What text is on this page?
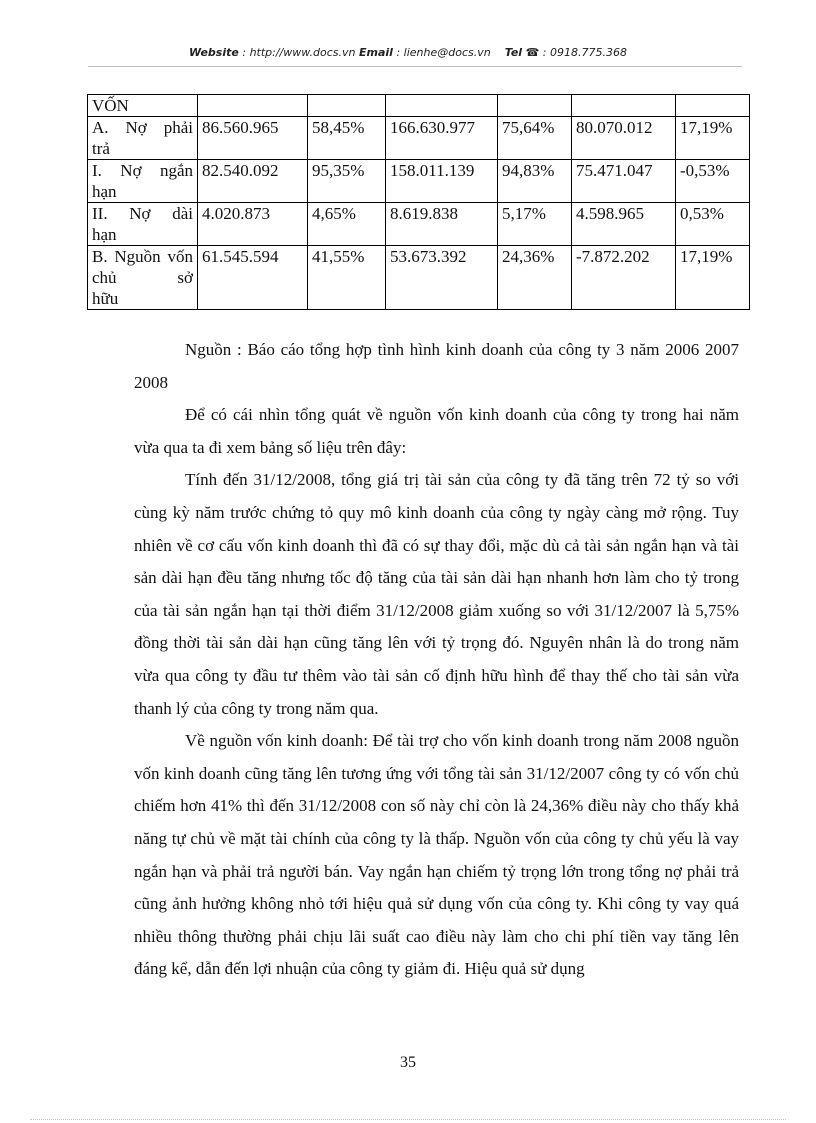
Website : http://www.docs.vn Email : lienhe@docs.vn Tel ☎ : 0918.775.368
VỐN						
A. Nợ phải
trả	86.560.965	58,45%	166.630.977	75,64%	80.070.012	17,19%
I. Nợ ngắn
hạn	82.540.092	95,35%	158.011.139	94,83%	75.471.047	-0,53%
II. Nợ dài
hạn	4.020.873	4,65%	8.619.838	5,17%	4.598.965	0,53%
B. Nguồn vốn chủ sở
hữu	61.545.594	41,55%	53.673.392	24,36%	-7.872.202	17,19%

Nguồn : Báo cáo tổng hợp tình hình kinh doanh của công ty 3 năm 2006 2007 2008

Để có cái nhìn tổng quát về nguồn vốn kinh doanh của công ty trong hai năm vừa qua ta đi xem bảng số liệu trên đây:

Tính đến 31/12/2008, tổng giá trị tài sản của công ty đã tăng trên 72 tỷ so với cùng kỳ năm trước chứng tỏ quy mô kinh doanh của công ty ngày càng mở rộng. Tuy nhiên về cơ cấu vốn kinh doanh thì đã có sự thay đổi, mặc dù cả tài sản ngắn hạn và tài sản dài hạn đều tăng nhưng tốc độ tăng của tài sản dài hạn nhanh hơn làm cho tỷ trong của tài sản ngắn hạn tại thời điểm 31/12/2008 giảm xuống so với 31/12/2007 là 5,75% đồng thời tài sản dài hạn cũng tăng lên với tỷ trọng đó. Nguyên nhân là do trong năm vừa qua công ty đầu tư thêm vào tài sản cố định hữu hình để thay thế cho tài sản vừa thanh lý của công ty trong năm qua.

Về nguồn vốn kinh doanh: Để tài trợ cho vốn kinh doanh trong năm 2008 nguồn vốn kinh doanh cũng tăng lên tương ứng với tổng tài sản 31/12/2007 công ty có vốn chủ chiếm hơn 41% thì đến 31/12/2008 con số này chỉ còn là 24,36% điều này cho thấy khả năng tự chủ về mặt tài chính của công ty là thấp. Nguồn vốn của công ty chủ yếu là vay ngắn hạn và phải trả người bán. Vay ngắn hạn chiếm tỷ trọng lớn trong tổng nợ phải trả cũng ảnh hưởng không nhỏ tới hiệu quả sử dụng vốn của công ty. Khi công ty vay quá nhiều thông thường phải chịu lãi suất cao điều này làm cho chi phí tiền vay tăng lên đáng kể, dẫn đến lợi nhuận của công ty giảm đi. Hiệu quả sử dụng

35
